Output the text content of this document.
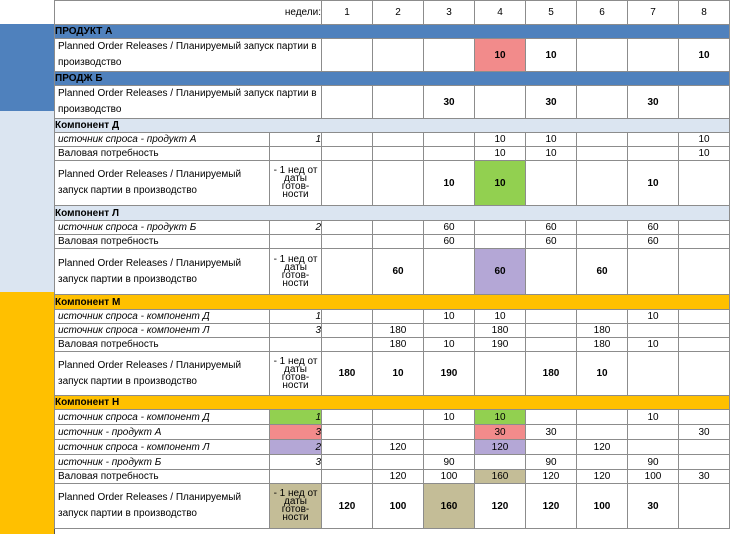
недели:		1	2	3	4	5	6	7	8
ПРОДУКТ А									
Planned Order Releases / Планируемый запуск партии в производство					10	10			10
ПРОДЖ Б									
Planned Order Releases / Планируемый запуск партии в производство				30		30		30	
Компонент Д									
источник спроса - продукт А	1				10	10			10
Валовая потребность					10	10			10
Planned Order Releases / Планируемый запуск партии в производство	- 1 нед от даты готов-ности			10	10			10	
Компонент Л									
источник спроса - продукт Б	2			60		60		60	
Валовая потребность				60		60		60	
Planned Order Releases / Планируемый запуск партии в производство	- 1 нед от даты готов-ности		60		60		60		
Компонент М									
источник спроса - компонент Д	1			10	10			10	
источник спроса - компонент Л	3		180		180		180		
Валовая потребность			180	10	190		180	10	
Planned Order Releases / Планируемый запуск партии в производство	- 1 нед от даты готов-ности	180	10	190		180	10		
Компонент Н									
источник спроса - компонент Д	1			10	10			10	
источник - продукт А	3				30	30			30
источник спроса - компонент Л	2		120		120		120		
источник - продукт Б	3			90		90		90	
Валовая потребность			120	100	160	120	120	100	30
Planned Order Releases / Планируемый запуск партии в производство	- 1 нед от даты готов-ности	120	100	160	120	120	100	30	
